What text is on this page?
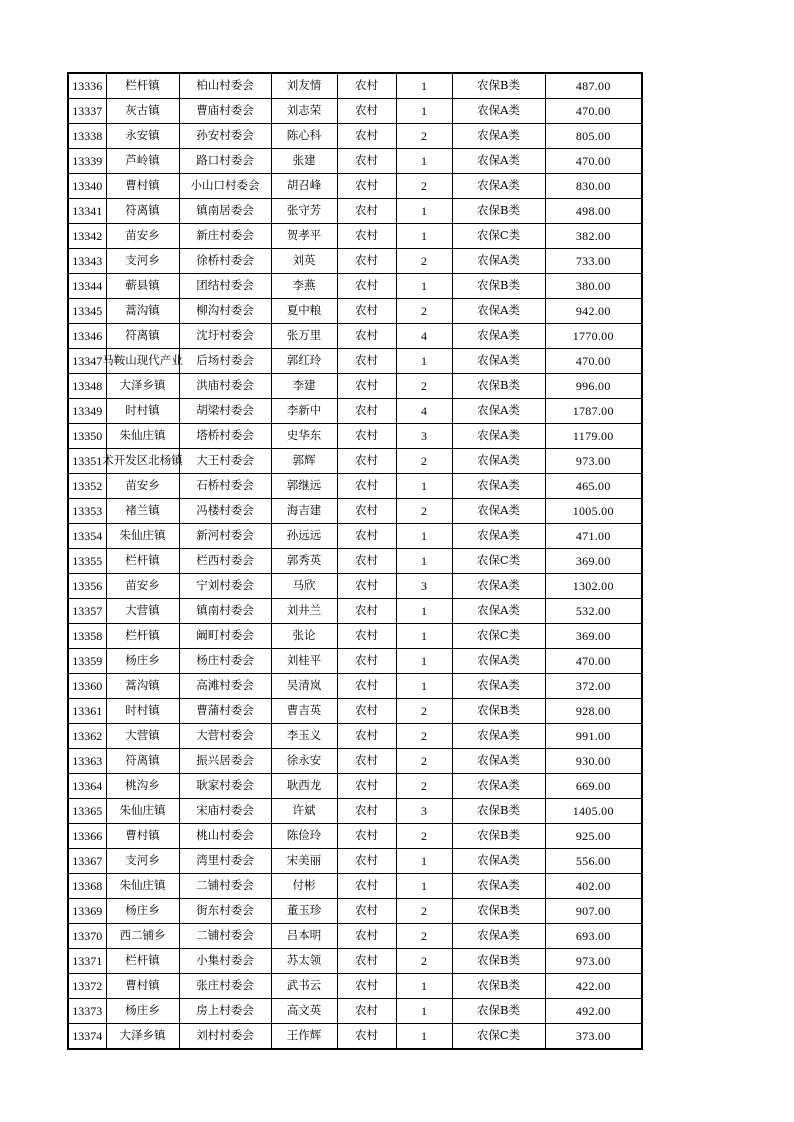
13336	栏杆镇	柏山村委会	刘友情	农村	1	农保B类	487.00

13337	灰古镇	曹庙村委会	刘志荣	农村	1	农保A类	470.00

13338	永安镇	孙安村委会	陈心科	农村	2	农保A类	805.00

13339	芦岭镇	路口村委会	张建	农村	1	农保A类	470.00

13340	曹村镇	小山口村委会	胡召峰	农村	2	农保A类	830.00

13341	符离镇	镇南居委会	张守芳	农村	1	农保B类	498.00

13342	苗安乡	新庄村委会	贺孝平	农村	1	农保C类	382.00

13343	支河乡	徐桥村委会	刘英	农村	2	农保A类	733.00

13344	蕲县镇	团结村委会	李燕	农村	1	农保B类	380.00

13345	蒿沟镇	柳沟村委会	夏中粮	农村	2	农保A类	942.00

13346	符离镇	沈圩村委会	张万里	农村	4	农保A类	1770.00

13347	马鞍山现代产业	后场村委会	郭红玲	农村	1	农保A类	470.00

13348	大泽乡镇	洪庙村委会	李建	农村	2	农保B类	996.00

13349	时村镇	胡梁村委会	李新中	农村	4	农保A类	1787.00

13350	朱仙庄镇	塔桥村委会	史华东	农村	3	农保A类	1179.00

13351	术开发区北杨镇	大王村委会	郭辉	农村	2	农保A类	973.00

13352	苗安乡	石桥村委会	郭继远	农村	1	农保A类	465.00

13353	褚兰镇	冯楼村委会	海吉建	农村	2	农保A类	1005.00

13354	朱仙庄镇	新河村委会	孙远远	农村	1	农保A类	471.00

13355	栏杆镇	栏西村委会	郭秀英	农村	1	农保C类	369.00

13356	苗安乡	宁刘村委会	马欣	农村	3	农保A类	1302.00

13357	大营镇	镇南村委会	刘井兰	农村	1	农保A类	532.00

13358	栏杆镇	阚町村委会	张论	农村	1	农保C类	369.00

13359	杨庄乡	杨庄村委会	刘桂平	农村	1	农保A类	470.00

13360	蒿沟镇	高滩村委会	吴清岚	农村	1	农保A类	372.00

13361	时村镇	曹蒲村委会	曹吉英	农村	2	农保B类	928.00

13362	大营镇	大营村委会	李玉义	农村	2	农保A类	991.00

13363	符离镇	振兴居委会	徐永安	农村	2	农保A类	930.00

13364	桃沟乡	耿家村委会	耿西龙	农村	2	农保A类	669.00

13365	朱仙庄镇	宋庙村委会	许斌	农村	3	农保B类	1405.00

13366	曹村镇	桃山村委会	陈俭玲	农村	2	农保B类	925.00

13367	支河乡	湾里村委会	宋美丽	农村	1	农保A类	556.00

13368	朱仙庄镇	二铺村委会	付彬	农村	1	农保A类	402.00

13369	杨庄乡	街东村委会	董玉珍	农村	2	农保B类	907.00

13370	西二铺乡	二铺村委会	吕本明	农村	2	农保A类	693.00

13371	栏杆镇	小集村委会	苏太领	农村	2	农保B类	973.00

13372	曹村镇	张庄村委会	武书云	农村	1	农保B类	422.00

13373	杨庄乡	房上村委会	高文英	农村	1	农保B类	492.00

13374	大泽乡镇	刘村村委会	王作辉	农村	1	农保C类	373.00
